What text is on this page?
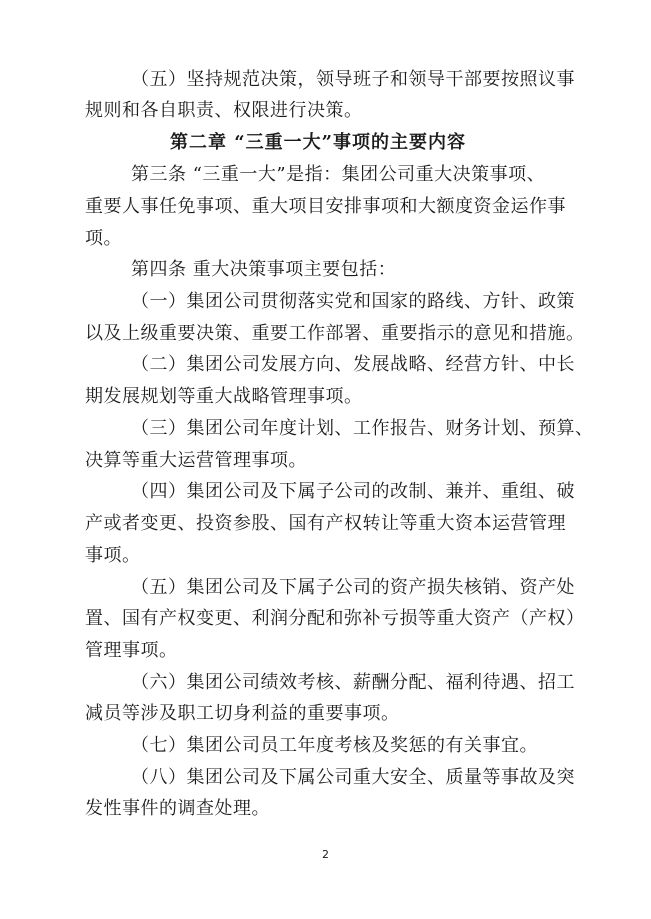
（五）坚持规范决策，领导班子和领导干部要按照议事

规则和各自职责、权限进行决策。

第二章 “三重一大”事项的主要内容

第三条 “三重一大”是指：集团公司重大决策事项、

重要人事任免事项、重大项目安排事项和大额度资金运作事

项。

第四条 重大决策事项主要包括：

（一）集团公司贯彻落实党和国家的路线、方针、政策

以及上级重要决策、重要工作部署、重要指示的意见和措施。

（二）集团公司发展方向、发展战略、经营方针、中长

期发展规划等重大战略管理事项。

（三）集团公司年度计划、工作报告、财务计划、预算、

决算等重大运营管理事项。

（四）集团公司及下属子公司的改制、兼并、重组、破

产或者变更、投资参股、国有产权转让等重大资本运营管理

事项。

（五）集团公司及下属子公司的资产损失核销、资产处

置、国有产权变更、利润分配和弥补亏损等重大资产（产权）

管理事项。

（六）集团公司绩效考核、薪酬分配、福利待遇、招工

减员等涉及职工切身利益的重要事项。

（七）集团公司员工年度考核及奖惩的有关事宜。

（八）集团公司及下属公司重大安全、质量等事故及突

发性事件的调查处理。

2
